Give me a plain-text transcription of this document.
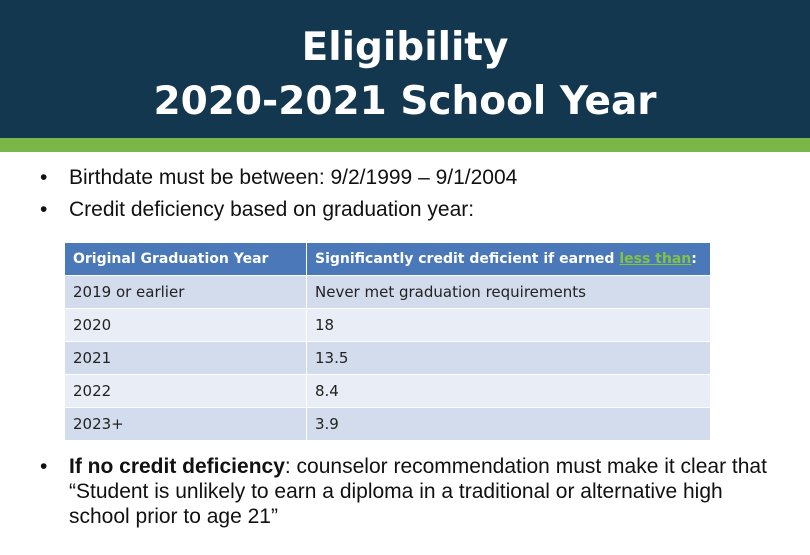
Eligibility
2020-2021 School Year
• Birthdate must be between: 9/2/1999 – 9/1/2004
• Credit deficiency based on graduation year:
Original Graduation Year	Significantly credit deficient if earned less than:
2019 or earlier	Never met graduation requirements
2020	18
2021	13.5
2022	8.4
2023+	3.9
• If no credit deficiency: counselor recommendation must make it clear that “Student is unlikely to earn a diploma in a traditional or alternative high school prior to age 21”
